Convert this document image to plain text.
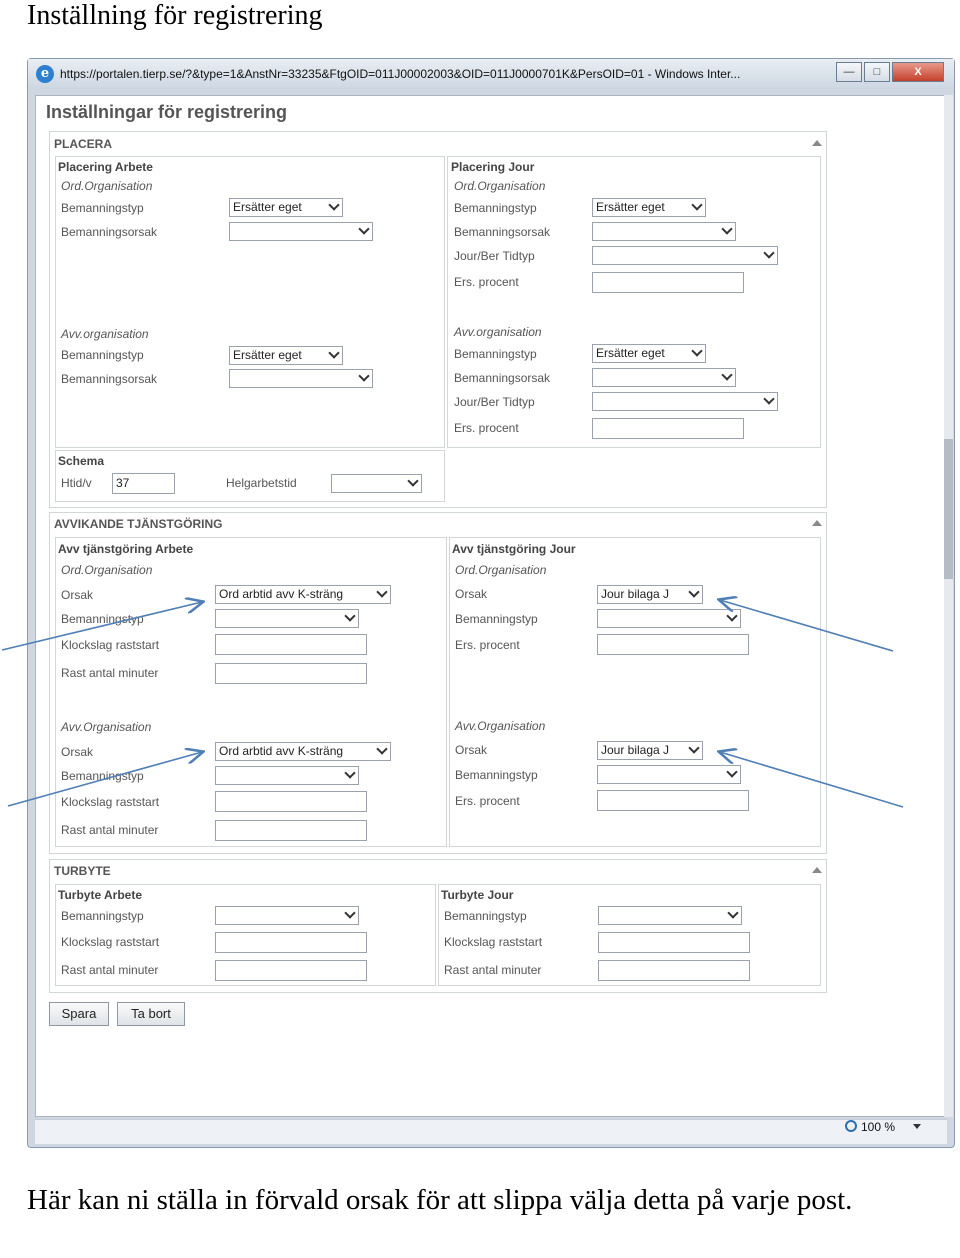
Inställning för registrering
e https://portalen.tierp.se/?&type=1&AnstNr=33235&FtgOID=011J00002003&OID=011J0000701K&PersOID=01 - Windows Inter...	—	□	X
Inställningar för registrering
PLACERA
Placering Arbete
Ord.Organisation
Bemanningstyp	Ersätter eget
Bemanningsorsak
Avv.organisation
Bemanningstyp	Ersätter eget
Bemanningsorsak
Placering Jour
Ord.Organisation
Bemanningstyp	Ersätter eget
Bemanningsorsak
Jour/Ber Tidtyp
Ers. procent
Avv.organisation
Bemanningstyp	Ersätter eget
Bemanningsorsak
Jour/Ber Tidtyp
Ers. procent
Schema
Htid/v	37	Helgarbetstid
AVVIKANDE TJÄNSTGÖRING
Avv tjänstgöring Arbete
Ord.Organisation
Orsak	Ord arbtid avv K-sträng
Bemanningstyp
Klockslag raststart
Rast antal minuter
Avv.Organisation
Orsak	Ord arbtid avv K-sträng
Bemanningstyp
Klockslag raststart
Rast antal minuter
Avv tjänstgöring Jour
Ord.Organisation
Orsak	Jour bilaga J
Bemanningstyp
Ers. procent
Avv.Organisation
Orsak	Jour bilaga J
Bemanningstyp
Ers. procent
TURBYTE
Turbyte Arbete
Bemanningstyp
Klockslag raststart
Rast antal minuter
Turbyte Jour
Bemanningstyp
Klockslag raststart
Rast antal minuter
Spara	Ta bort
100 %
Här kan ni ställa in förvald orsak för att slippa välja detta på varje post.
